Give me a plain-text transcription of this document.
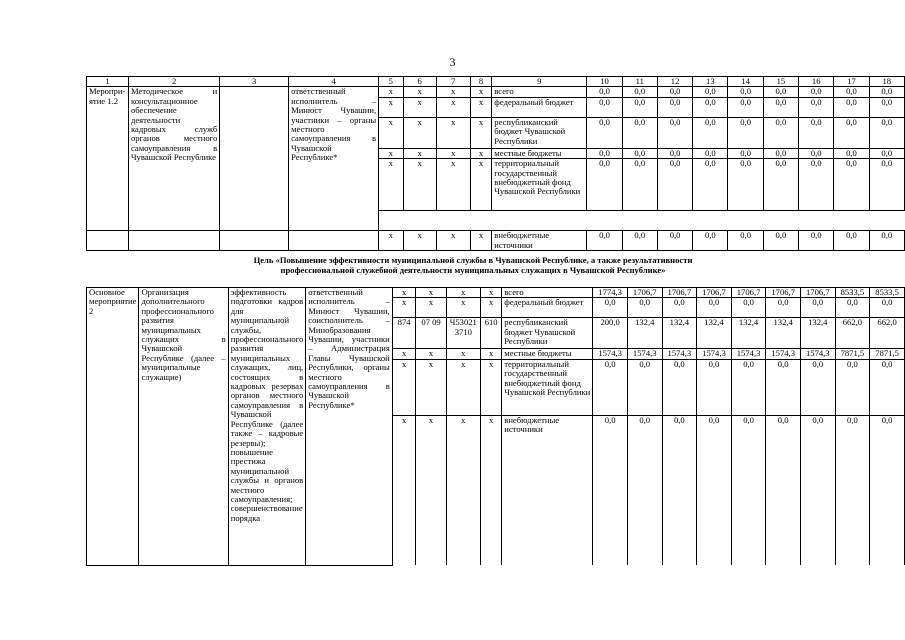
3
1	2	3	4	5	6	7	8	9	10	11	12	13	14	15	16	17	18
Меропри-ятие 1.2	Методическое и консультационное обеспечение деятельности кадровых служб органов местного самоуправления в Чувашской Республике		ответственный исполнитель – Минюст Чувашии, участники – органы местного самоуправления в Чувашской Республике*	x	x	x	x	всего	0,0	0,0	0,0	0,0	0,0	0,0	0,0	0,0	0,0
				x	x	x	x	федеральный бюджет	0,0	0,0	0,0	0,0	0,0	0,0	0,0	0,0	0,0
				x	x	x	x	республиканский бюджет Чувашской Республики	0,0	0,0	0,0	0,0	0,0	0,0	0,0	0,0	0,0
				x	x	x	x	местные бюджеты	0,0	0,0	0,0	0,0	0,0	0,0	0,0	0,0	0,0
				x	x	x	x	территориальный государственный внебюджетный фонд Чувашской Республики	0,0	0,0	0,0	0,0	0,0	0,0	0,0	0,0	0,0

				x	x	x	x	внебюджетные источники	0,0	0,0	0,0	0,0	0,0	0,0	0,0	0,0	0,0
Цель «Повышение эффективности муниципальной службы в Чувашской Республике, а также результативности
профессиональной служебной деятельности муниципальных служащих в Чувашской Республике»
Основное мероприятие 2	Организация дополнительного профессионального развития муниципальных служащих в Чувашской Республике (далее – муниципальные служащие)	эффективность подготовки кадров для муниципальной службы, профессионального развития муниципальных служащих, лиц, состоящих в кадровых резервах органов местного самоуправления в Чувашской Республике (далее также – кадровые резервы); повышение престижа муниципальной службы и органов местного самоуправления; совершенствование порядка	ответственный исполнитель – Минюст Чувашии, соисполнитель – Минобразования Чувашии, участники – Администрация Главы Чувашской Республики, органы местного самоуправления в Чувашской Республике*	x	x	x	x	всего	1774,3	1706,7	1706,7	1706,7	1706,7	1706,7	1706,7	8533,5	8533,5
				x	x	x	x	федеральный бюджет	0,0	0,0	0,0	0,0	0,0	0,0	0,0	0,0	0,0
				874	07 09	Ч53021 3710	610	республиканский бюджет Чувашской Республики	200,0	132,4	132,4	132,4	132,4	132,4	132,4	662,0	662,0
				x	x	x	x	местные бюджеты	1574,3	1574,3	1574,3	1574,3	1574,3	1574,3	1574,3	7871,5	7871,5
				x	x	x	x	территориальный государственный внебюджетный фонд Чувашской Республики	0,0	0,0	0,0	0,0	0,0	0,0	0,0	0,0	0,0
				x	x	x	x	внебюджетные источники	0,0	0,0	0,0	0,0	0,0	0,0	0,0	0,0	0,0
